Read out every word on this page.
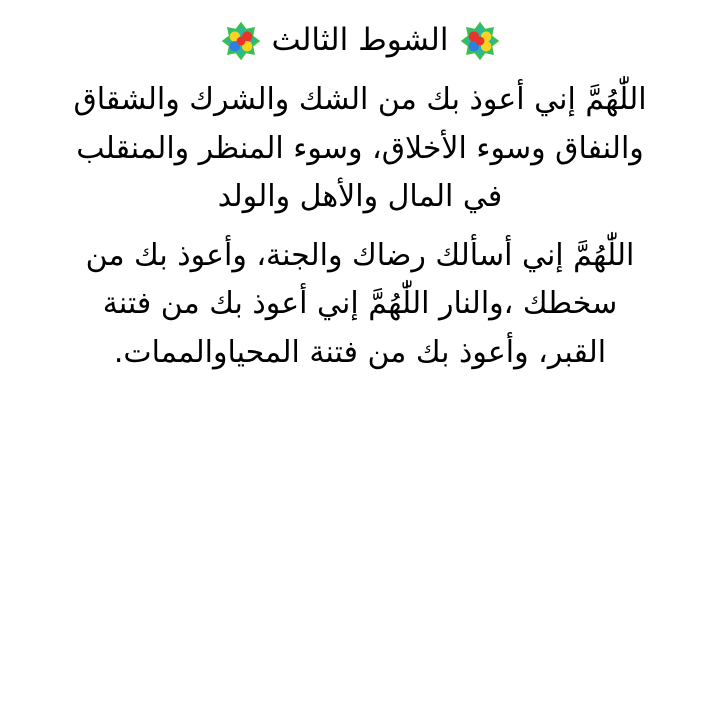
الشوط الثالث
اللّٰهُمَّ إني أعوذ بك من الشك والشرك والشقاق
والنفاق وسوء الأخلاق، وسوء المنظر والمنقلب
في المال والأهل والولد
اللّٰهُمَّ إني أسألك رضاك والجنة، وأعوذ بك من
سخطك ،والنار اللّٰهُمَّ إني أعوذ بك من فتنة
القبر، وأعوذ بك من فتنة المحياوالممات.
